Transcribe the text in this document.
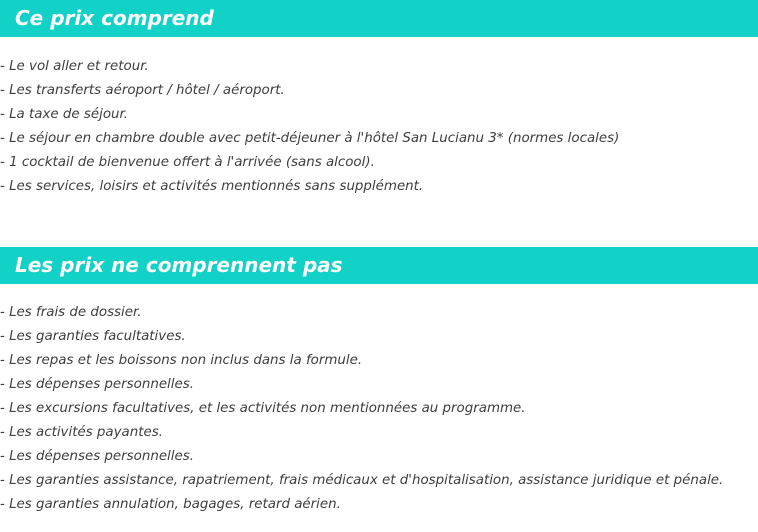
Ce prix comprend
- Le vol aller et retour.
- Les transferts aéroport / hôtel / aéroport.
- La taxe de séjour.
- Le séjour en chambre double avec petit-déjeuner à l'hôtel San Lucianu 3* (normes locales)
- 1 cocktail de bienvenue offert à l'arrivée (sans alcool).
- Les services, loisirs et activités mentionnés sans supplément.
Les prix ne comprennent pas
- Les frais de dossier.
- Les garanties facultatives.
- Les repas et les boissons non inclus dans la formule.
- Les dépenses personnelles.
- Les excursions facultatives, et les activités non mentionnées au programme.
- Les activités payantes.
- Les dépenses personnelles.
- Les garanties assistance, rapatriement, frais médicaux et d'hospitalisation, assistance juridique et pénale.
- Les garanties annulation, bagages, retard aérien.
